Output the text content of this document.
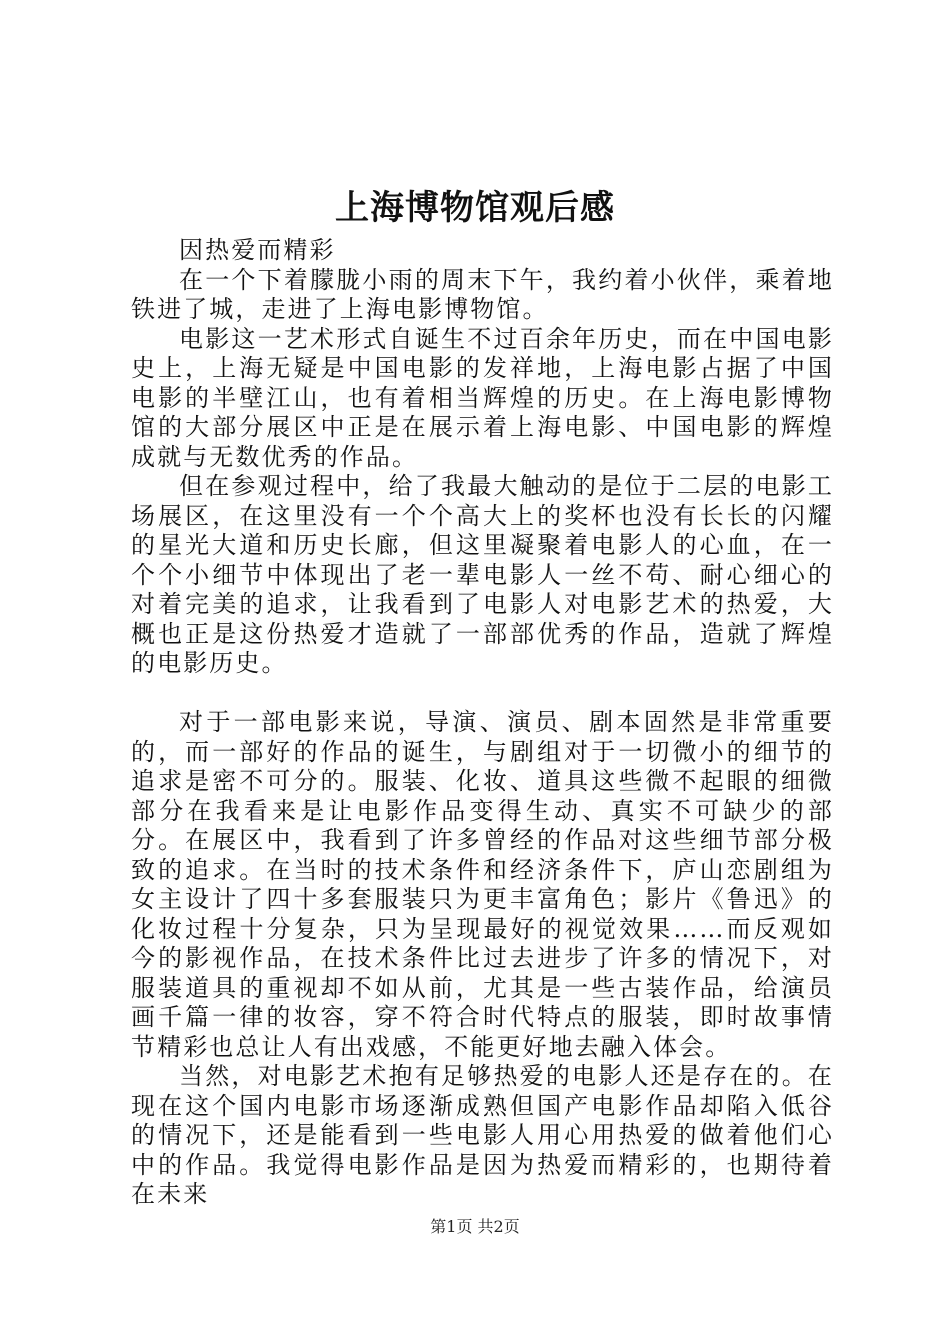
上海博物馆观后感

因热爱而精彩

在一个下着朦胧小雨的周末下午，我约着小伙伴，乘着地铁进了城，走进了上海电影博物馆。

电影这一艺术形式自诞生不过百余年历史，而在中国电影史上，上海无疑是中国电影的发祥地，上海电影占据了中国电影的半壁江山，也有着相当辉煌的历史。在上海电影博物馆的大部分展区中正是在展示着上海电影、中国电影的辉煌成就与无数优秀的作品。

但在参观过程中，给了我最大触动的是位于二层的电影工场展区，在这里没有一个个高大上的奖杯也没有长长的闪耀的星光大道和历史长廊，但这里凝聚着电影人的心血，在一个个小细节中体现出了老一辈电影人一丝不苟、耐心细心的对着完美的追求，让我看到了电影人对电影艺术的热爱，大概也正是这份热爱才造就了一部部优秀的作品，造就了辉煌的电影历史。

对于一部电影来说，导演、演员、剧本固然是非常重要的，而一部好的作品的诞生，与剧组对于一切微小的细节的追求是密不可分的。服装、化妆、道具这些微不起眼的细微部分在我看来是让电影作品变得生动、真实不可缺少的部分。在展区中，我看到了许多曾经的作品对这些细节部分极致的追求。在当时的技术条件和经济条件下，庐山恋剧组为女主设计了四十多套服装只为更丰富角色；影片《鲁迅》的化妆过程十分复杂，只为呈现最好的视觉效果……而反观如今的影视作品，在技术条件比过去进步了许多的情况下，对服装道具的重视却不如从前，尤其是一些古装作品，给演员画千篇一律的妆容，穿不符合时代特点的服装，即时故事情节精彩也总让人有出戏感，不能更好地去融入体会。

当然，对电影艺术抱有足够热爱的电影人还是存在的。在现在这个国内电影市场逐渐成熟但国产电影作品却陷入低谷的情况下，还是能看到一些电影人用心用热爱的做着他们心中的作品。我觉得电影作品是因为热爱而精彩的，也期待着在未来

第1页 共2页
